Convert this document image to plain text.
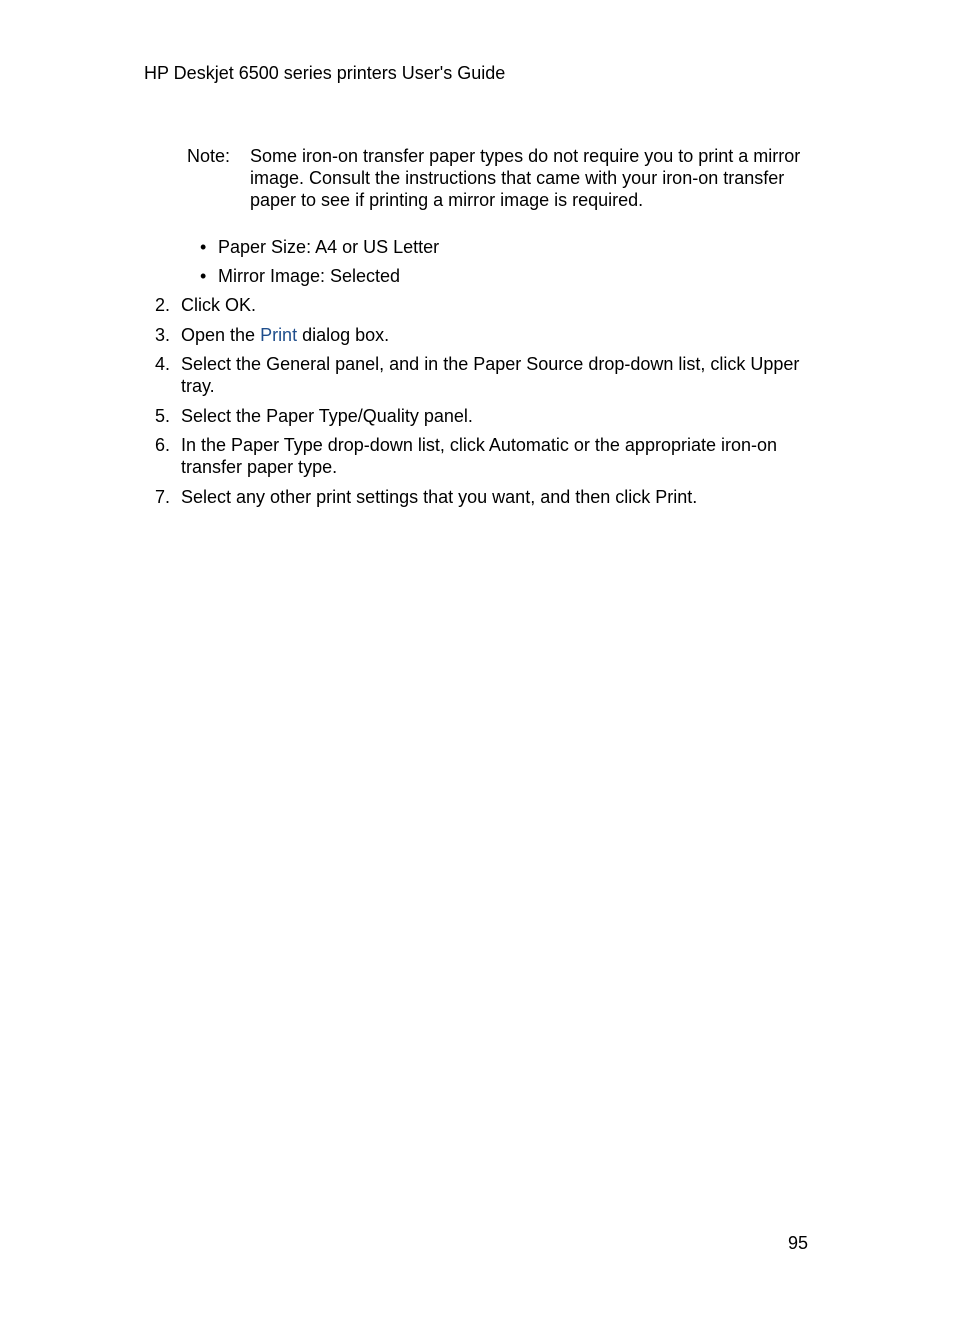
HP Deskjet 6500 series printers User's Guide
Note: Some iron-on transfer paper types do not require you to print a mirror image. Consult the instructions that came with your iron-on transfer paper to see if printing a mirror image is required.
• Paper Size: A4 or US Letter
• Mirror Image: Selected
2. Click OK.
3. Open the Print dialog box.
4. Select the General panel, and in the Paper Source drop-down list, click Upper tray.
5. Select the Paper Type/Quality panel.
6. In the Paper Type drop-down list, click Automatic or the appropriate iron-on transfer paper type.
7. Select any other print settings that you want, and then click Print.
95
